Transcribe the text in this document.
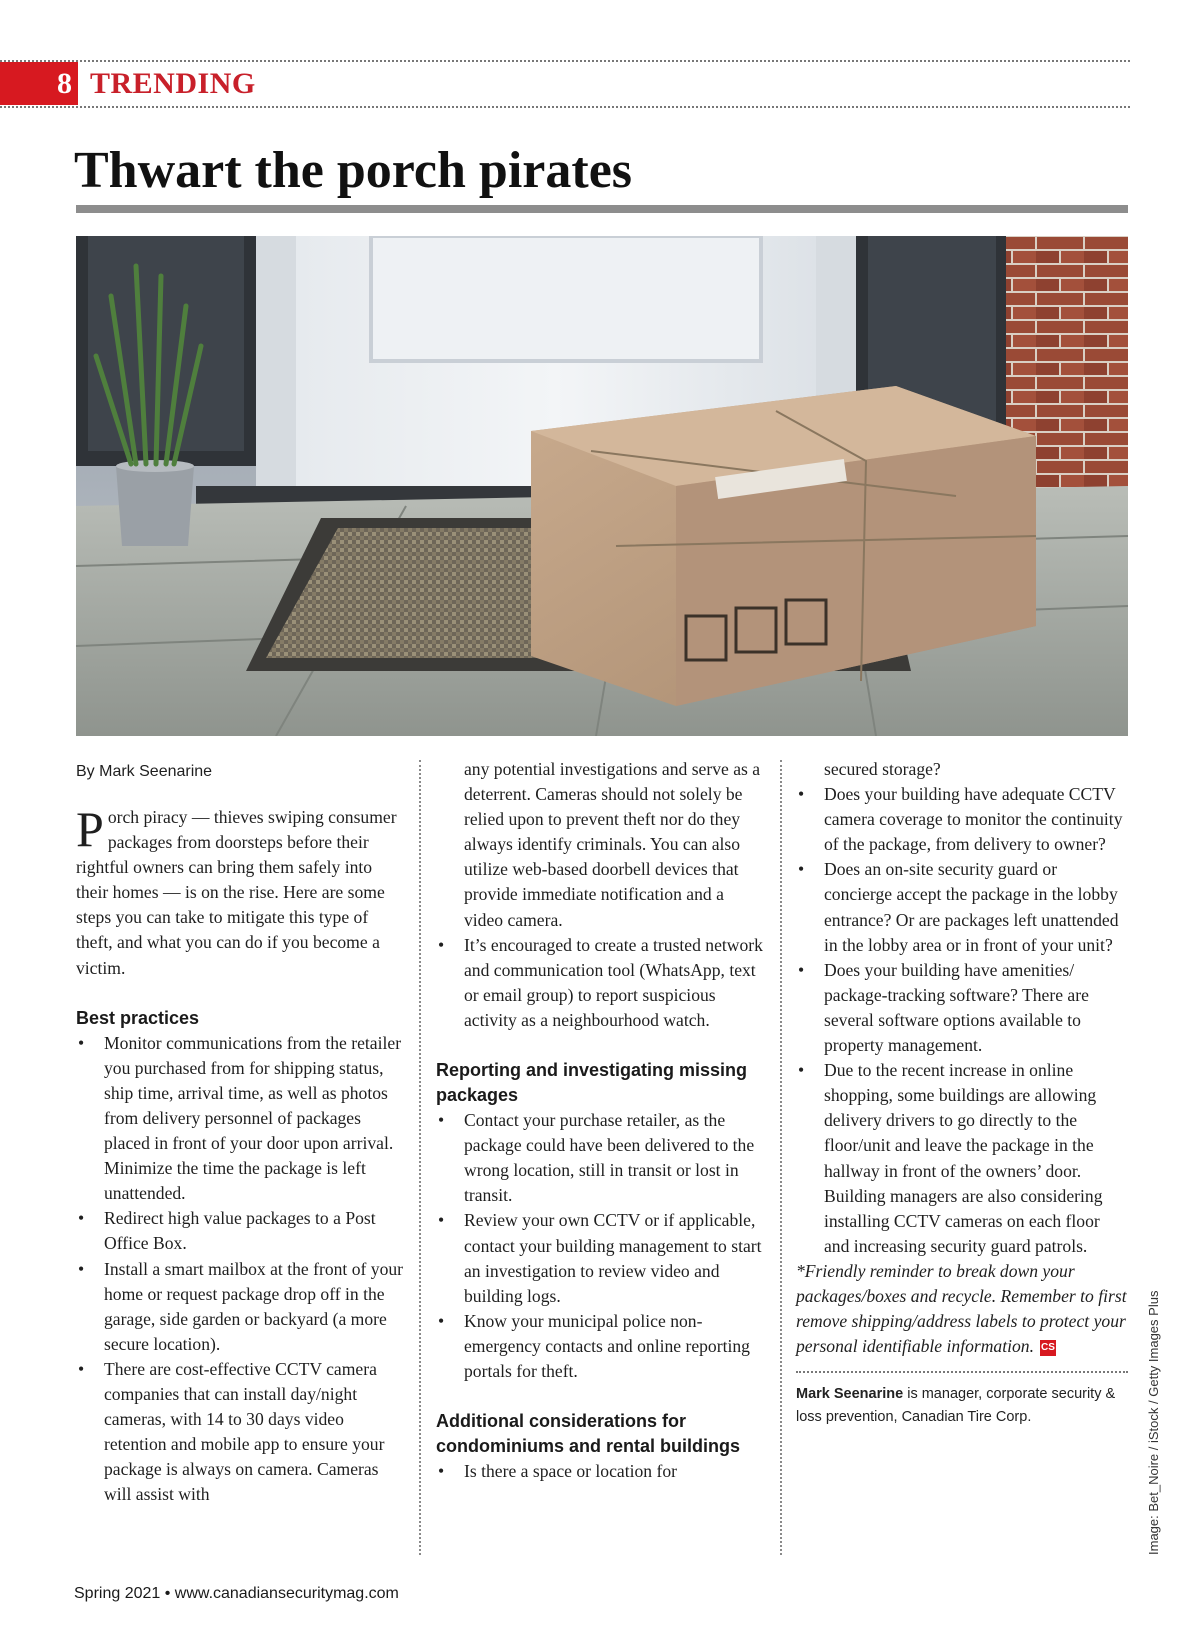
8 TRENDING
Thwart the porch pirates
By Mark Seenarine

Porch piracy — thieves swiping consumer packages from doorsteps before their rightful owners can bring them safely into their homes — is on the rise. Here are some steps you can take to mitigate this type of theft, and what you can do if you become a victim.

Best practices
• Monitor communications from the retailer you purchased from for shipping status, ship time, arrival time, as well as photos from delivery personnel of packages placed in front of your door upon arrival. Minimize the time the package is left unattended.
• Redirect high value packages to a Post Office Box.
• Install a smart mailbox at the front of your home or request package drop off in the garage, side garden or backyard (a more secure location).
• There are cost-effective CCTV camera companies that can install day/night cameras, with 14 to 30 days video retention and mobile app to ensure your package is always on camera. Cameras will assist with

any potential investigations and serve as a deterrent. Cameras should not solely be relied upon to prevent theft nor do they always identify criminals. You can also utilize web-based doorbell devices that provide immediate notification and a video camera.

• It’s encouraged to create a trusted network and communication tool (WhatsApp, text or email group) to report suspicious activity as a neighbourhood watch.
Reporting and investigating missing packages
• Contact your purchase retailer, as the package could have been delivered to the wrong location, still in transit or lost in transit.
• Review your own CCTV or if applicable, contact your building management to start an investigation to review video and building logs.
• Know your municipal police non-emergency contacts and online reporting portals for theft.
Additional considerations for condominiums and rental buildings
• Is there a space or location for

secured storage?

• Does your building have adequate CCTV camera coverage to monitor the continuity of the package, from delivery to owner?
• Does an on-site security guard or concierge accept the package in the lobby entrance? Or are packages left unattended in the lobby area or in front of your unit?
• Does your building have amenities/ package-tracking software? There are several software options available to property management.
• Due to the recent increase in online shopping, some buildings are allowing delivery drivers to go directly to the floor/unit and leave the package in the hallway in front of the owners’ door. Building managers are also considering installing CCTV cameras on each floor and increasing security guard patrols.

*Friendly reminder to break down your packages/boxes and recycle. Remember to first remove shipping/address labels to protect your personal identifiable information. CS

Mark Seenarine is manager, corporate security & loss prevention, Canadian Tire Corp.	Image: Bet_Noire / iStock / Getty Images Plus
Spring 2021 • www.canadiansecuritymag.com
